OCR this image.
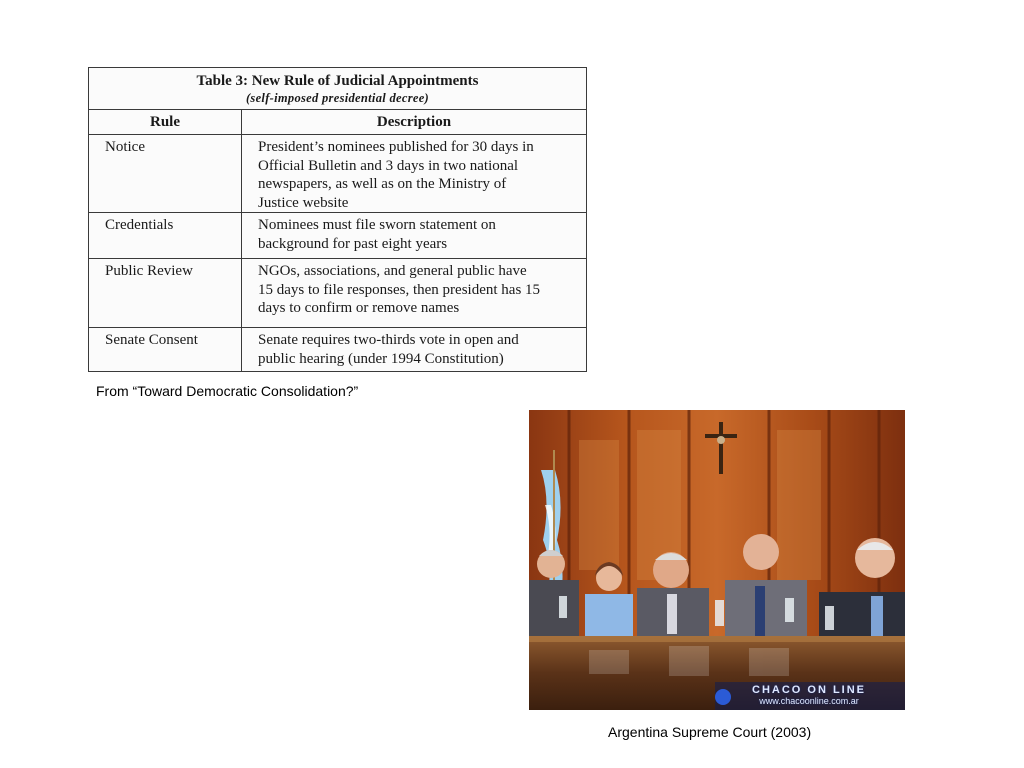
Table 3: New Rule of Judicial Appointments
(self-imposed presidential decree)
Rule	Description
Notice	President’s nominees published for 30 days in
Official Bulletin and 3 days in two national
newspapers, as well as on the Ministry of
Justice website
Credentials	Nominees must file sworn statement on
background for past eight years
Public Review	NGOs, associations, and general public have
15 days to file responses, then president has 15
days to confirm or remove names
Senate Consent	Senate requires two-thirds vote in open and
public hearing (under 1994 Constitution)
From “Toward Democratic Consolidation?”
CHACO ON LINE
www.chacoonline.com.ar
Argentina Supreme Court (2003)
